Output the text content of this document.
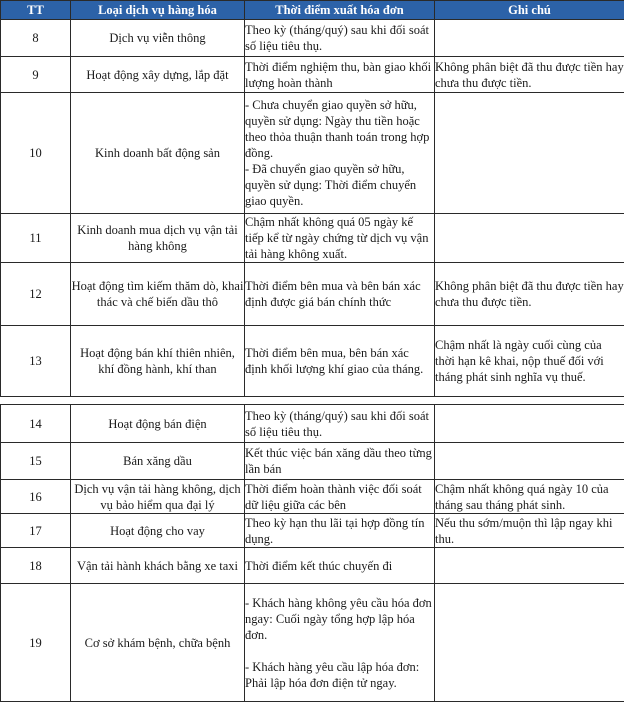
TT	Loại dịch vụ hàng hóa	Thời điểm xuất hóa đơn	Ghi chú
8	Dịch vụ viễn thông	Theo kỳ (tháng/quý) sau khi đối soát số liệu tiêu thụ.	

9	Hoạt động xây dựng, lắp đặt	Thời điểm nghiệm thu, bàn giao khối lượng hoàn thành	Không phân biệt đã thu được tiền hay chưa thu được tiền.

10	Kinh doanh bất động sản	- Chưa chuyển giao quyền sở hữu, quyền sử dụng: Ngày thu tiền hoặc theo thỏa thuận thanh toán trong hợp đồng.
- Đã chuyển giao quyền sở hữu, quyền sử dụng: Thời điểm chuyển giao quyền.	

11	Kinh doanh mua dịch vụ vận tải hàng không	Chậm nhất không quá 05 ngày kế tiếp kể từ ngày chứng từ dịch vụ vận tải hàng không xuất.	

12	Hoạt động tìm kiếm thăm dò, khai thác và chế biến dầu thô	Thời điểm bên mua và bên bán xác định được giá bán chính thức	Không phân biệt đã thu được tiền hay chưa thu được tiền.

13	Hoạt động bán khí thiên nhiên, khí đồng hành, khí than	Thời điểm bên mua, bên bán xác định khối lượng khí giao của tháng.	Chậm nhất là ngày cuối cùng của thời hạn kê khai, nộp thuế đối với tháng phát sinh nghĩa vụ thuế.
14	Hoạt động bán điện	Theo kỳ (tháng/quý) sau khi đối soát số liệu tiêu thụ.	

15	Bán xăng dầu	Kết thúc việc bán xăng dầu theo từng lần bán	

16	Dịch vụ vận tải hàng không, dịch vụ bảo hiểm qua đại lý	Thời điểm hoàn thành việc đối soát dữ liệu giữa các bên	Chậm nhất không quá ngày 10 của tháng sau tháng phát sinh.

17	Hoạt động cho vay	Theo kỳ hạn thu lãi tại hợp đồng tín dụng.	Nếu thu sớm/muộn thì lập ngay khi thu.

18	Vận tải hành khách bằng xe taxi	Thời điểm kết thúc chuyến đi	

19	Cơ sở khám bệnh, chữa bệnh	- Khách hàng không yêu cầu hóa đơn ngay: Cuối ngày tổng hợp lập hóa đơn.
- Khách hàng yêu cầu lập hóa đơn: Phải lập hóa đơn điện tử ngay.	
